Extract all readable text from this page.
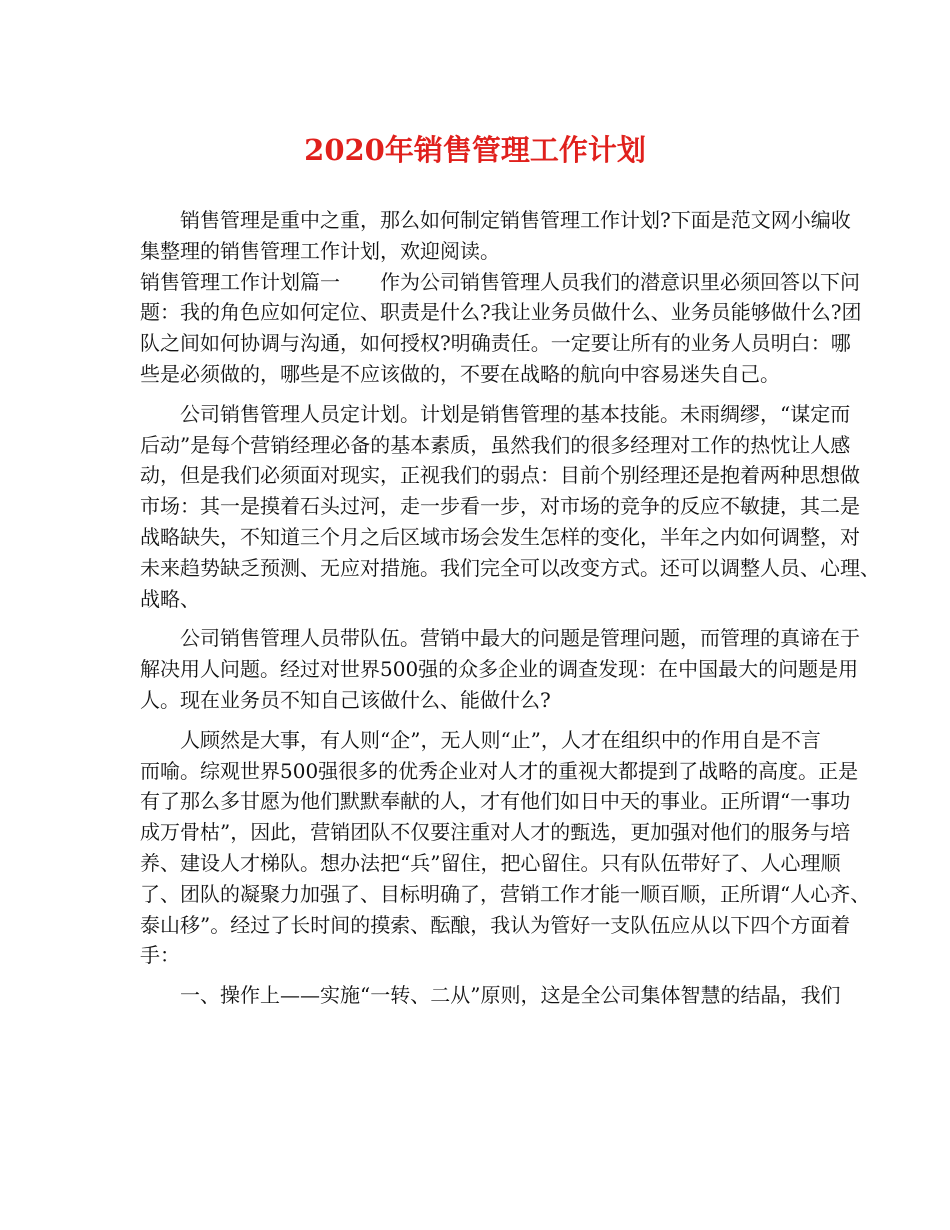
2020年销售管理工作计划
销售管理是重中之重，那么如何制定销售管理工作计划?下面是范文网小编收
集整理的销售管理工作计划，欢迎阅读。
销售管理工作计划篇一　　作为公司销售管理人员我们的潜意识里必须回答以下问
题：我的角色应如何定位、职责是什么?我让业务员做什么、业务员能够做什么?团
队之间如何协调与沟通，如何授权?明确责任。一定要让所有的业务人员明白：哪
些是必须做的，哪些是不应该做的，不要在战略的航向中容易迷失自己。
公司销售管理人员定计划。计划是销售管理的基本技能。未雨绸缪，“谋定而
后动”是每个营销经理必备的基本素质，虽然我们的很多经理对工作的热忱让人感
动，但是我们必须面对现实，正视我们的弱点：目前个别经理还是抱着两种思想做
市场：其一是摸着石头过河，走一步看一步，对市场的竞争的反应不敏捷，其二是
战略缺失，不知道三个月之后区域市场会发生怎样的变化，半年之内如何调整，对
未来趋势缺乏预测、无应对措施。我们完全可以改变方式。还可以调整人员、心理、
战略、
公司销售管理人员带队伍。营销中最大的问题是管理问题，而管理的真谛在于
解决用人问题。经过对世界500强的众多企业的调查发现：在中国最大的问题是用
人。现在业务员不知自己该做什么、能做什么?
人顾然是大事，有人则“企”，无人则“止”，人才在组织中的作用自是不言
而喻。综观世界500强很多的优秀企业对人才的重视大都提到了战略的高度。正是
有了那么多甘愿为他们默默奉献的人，才有他们如日中天的事业。正所谓“一事功
成万骨枯”，因此，营销团队不仅要注重对人才的甄选，更加强对他们的服务与培
养、建设人才梯队。想办法把“兵”留住，把心留住。只有队伍带好了、人心理顺
了、团队的凝聚力加强了、目标明确了，营销工作才能一顺百顺，正所谓“人心齐、
泰山移”。经过了长时间的摸索、酝酿，我认为管好一支队伍应从以下四个方面着
手：
一、操作上——实施“一转、二从”原则，这是全公司集体智慧的结晶，我们
